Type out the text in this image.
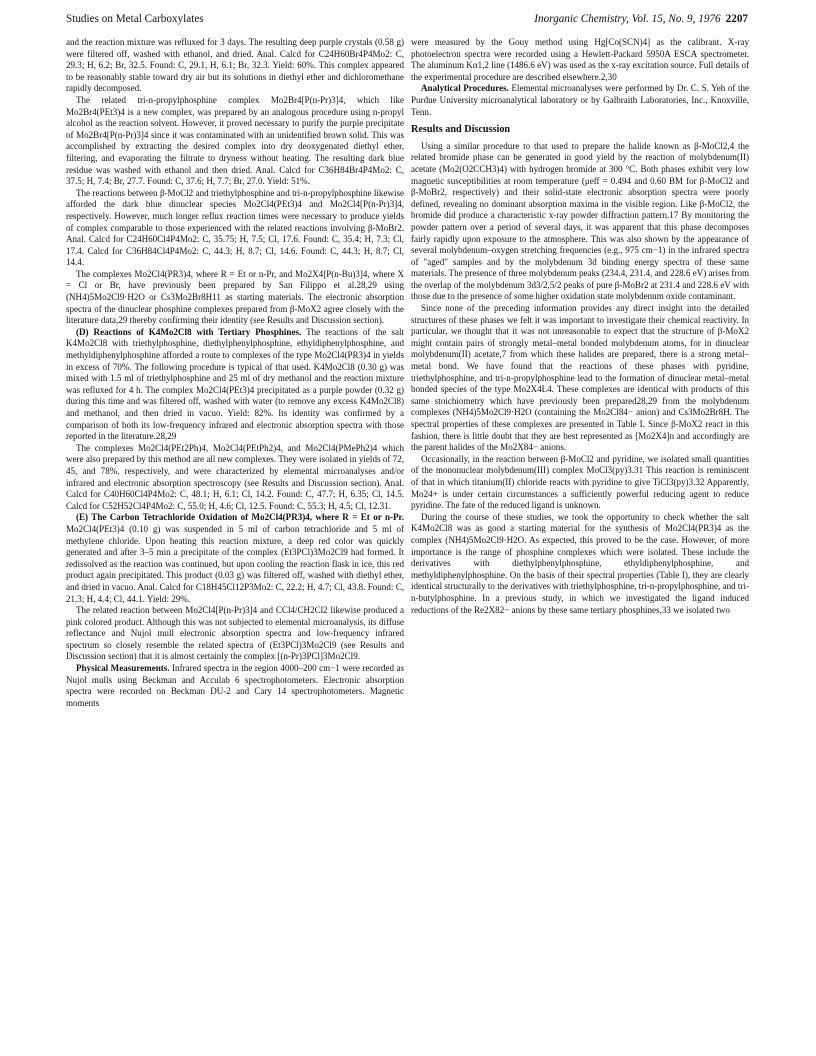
Studies on Metal Carboxylates	Inorganic Chemistry, Vol. 15, No. 9, 1976 2207

and the reaction mixture was refluxed for 3 days. The resulting deep purple crystals (0.58 g) were filtered off, washed with ethanol, and dried. Anal. Calcd for C24H60Br4P4Mo2: C, 29.3; H, 6.2; Br, 32.5. Found: C, 29.1, H, 6.1; Br, 32.3. Yield: 60%. This complex appeared to be reasonably stable toward dry air but its solutions in diethyl ether and dichloromethane rapidly decomposed.

The related tri-n-propylphosphine complex Mo2Br4[P(n-Pr)3]4, which like Mo2Br4(PEt3)4 is a new complex, was prepared by an analogous procedure using n-propyl alcohol as the reaction solvent. However, it proved necessary to purify the purple precipitate of Mo2Br4[P(n-Pr)3]4 since it was contaminated with an unidentified brown solid. This was accomplished by extracting the desired complex into dry deoxygenated diethyl ether, filtering, and evaporating the filtrate to dryness without heating. The resulting dark blue residue was washed with ethanol and then dried. Anal. Calcd for C36H84Br4P4Mo2: C, 37.5; H, 7.4; Br, 27.7. Found: C, 37.6; H, 7.7; Br, 27.0. Yield: 51%.

The reactions between β-MoCl2 and triethylphosphine and tri-n-propylphosphine likewise afforded the dark blue dinuclear species Mo2Cl4(PEt3)4 and Mo2Cl4[P(n-Pr)3]4, respectively. However, much longer reflux reaction times were necessary to produce yields of complex comparable to those experienced with the related reactions involving β-MoBr2. Anal. Calcd for C24H60Cl4P4Mo2: C, 35.75; H, 7.5; Cl, 17.6. Found: C, 35.4; H, 7.3; Cl, 17.4. Calcd for C36H84Cl4P4Mo2: C, 44.3; H, 8.7; Cl, 14.6. Found: C, 44.3; H, 8.7; Cl, 14.4.

The complexes Mo2Cl4(PR3)4, where R = Et or n-Pr, and Mo2X4[P(n-Bu)3]4, where X = Cl or Br, have previously been prepared by San Filippo et al.28,29 using (NH4)5Mo2Cl9·H2O or Cs3Mo2Br8H11 as starting materials. The electronic absorption spectra of the dinuclear phosphine complexes prepared from β-MoX2 agree closely with the literature data,29 thereby confirming their identity (see Results and Discussion section).

(D) Reactions of K4Mo2Cl8 with Tertiary Phosphines. The reactions of the salt K4Mo2Cl8 with triethylphosphine, diethylphenylphosphine, ethyldiphenylphosphine, and methyldiphenylphosphine afforded a route to complexes of the type Mo2Cl4(PR3)4 in yields in excess of 70%. The following procedure is typical of that used. K4Mo2Cl8 (0.30 g) was mixed with 1.5 ml of triethylphosphine and 25 ml of dry methanol and the reaction mixture was refluxed for 4 h. The complex Mo2Cl4(PEt3)4 precipitated as a purple powder (0.32 g) during this time and was filtered off, washed with water (to remove any excess K4Mo2Cl8) and methanol, and then dried in vacuo. Yield: 82%. Its identity was confirmed by a comparison of both its low-frequency infrared and electronic absorption spectra with those reported in the literature.28,29

The complexes Mo2Cl4(PEt2Ph)4, Mo2Cl4(PEtPh2)4, and Mo2Cl4(PMePh2)4 which were also prepared by this method are all new complexes. They were isolated in yields of 72, 45, and 78%, respectively, and were characterized by elemental microanalyses and/or infrared and electronic absorption spectroscopy (see Results and Discussion section). Anal. Calcd for C40H60Cl4P4Mo2: C, 48.1; H, 6.1; Cl, 14.2. Found: C, 47.7; H, 6.35; Cl, 14.5. Calcd for C52H52Cl4P4Mo2: C, 55.0; H, 4.6; Cl, 12.5. Found: C, 55.3; H, 4.5; Cl, 12.31.

(E) The Carbon Tetrachloride Oxidation of Mo2Cl4(PR3)4, where R = Et or n-Pr. Mo2Cl4(PEt3)4 (0.10 g) was suspended in 5 ml of carbon tetrachloride and 5 ml of methylene chloride. Upon heating this reaction mixture, a deep red color was quickly generated and after 3–5 min a precipitate of the complex (Et3PCl)3Mo2Cl9 had formed. It redissolved as the reaction was continued, but upon cooling the reaction flask in ice, this red product again precipitated. This product (0.03 g) was filtered off, washed with diethyl ether, and dried in vacuo. Anal. Calcd for C18H45Cl12P3Mo2: C, 22.2; H, 4.7; Cl, 43.8. Found: C, 21.3; H, 4.4; Cl, 44.1. Yield: 29%.

The related reaction between Mo2Cl4[P(n-Pr)3]4 and CCl4/CH2Cl2 likewise produced a pink colored product. Although this was not subjected to elemental microanalysis, its diffuse reflectance and Nujol mull electronic absorption spectra and low-frequency infrared spectrum so closely resemble the related spectra of (Et3PCl)3Mo2Cl9 (see Results and Discussion section) that it is almost certainly the complex [(n-Pr)3PCl]3Mo2Cl9.

Physical Measurements. Infrared spectra in the region 4000–200 cm−1 were recorded as Nujol mulls using Beckman and Acculab 6 spectrophotometers. Electronic absorption spectra were recorded on Beckman DU-2 and Cary 14 spectrophotometers. Magnetic moments

were measured by the Gouy method using Hg[Co(SCN)4] as the calibrant. X-ray photoelectron spectra were recorded using a Hewlett-Packard 5950A ESCA spectrometer. The aluminum Kα1,2 line (1486.6 eV) was used as the x-ray excitation source. Full details of the experimental procedure are described elsewhere.2,30

Analytical Procedures. Elemental microanalyses were performed by Dr. C. S. Yeh of the Purdue University microanalytical laboratory or by Galbraith Laboratories, Inc., Knoxville, Tenn.

Results and Discussion

Using a similar procedure to that used to prepare the halide known as β-MoCl2,4 the related bromide phase can be generated in good yield by the reaction of molybdenum(II) acetate (Mo2(O2CCH3)4) with hydrogen bromide at 300 °C. Both phases exhibit very low magnetic susceptibilities at room temperature (μeff = 0.494 and 0.60 BM for β-MoCl2 and β-MoBr2, respectively) and their solid-state electronic absorption spectra were poorly defined, revealing no dominant absorption maxima in the visible region. Like β-MoCl2, the bromide did produce a characteristic x-ray powder diffraction pattern.17 By monitoring the powder pattern over a period of several days, it was apparent that this phase decomposes fairly rapidly upon exposure to the atmosphere. This was also shown by the appearance of several molybdenum–oxygen stretching frequencies (e.g., 975 cm−1) in the infrared spectra of "aged" samples and by the molybdenum 3d binding energy spectra of these same materials. The presence of three molybdenum peaks (234.4, 231.4, and 228.6 eV) arises from the overlap of the molybdenum 3d3/2,5/2 peaks of pure β-MoBr2 at 231.4 and 228.6 eV with those due to the presence of some higher oxidation state molybdenum oxide contaminant.

Since none of the preceding information provides any direct insight into the detailed structures of these phases we felt it was important to investigate their chemical reactivity. In particular, we thought that it was not unreasonable to expect that the structure of β-MoX2 might contain pairs of strongly metal–metal bonded molybdenum atoms, for in dinuclear molybdenum(II) acetate,7 from which these halides are prepared, there is a strong metal–metal bond. We have found that the reactions of these phases with pyridine, triethylphosphine, and tri-n-propylphosphine lead to the formation of dinuclear metal–metal bonded species of the type Mo2X4L4. These complexes are identical with products of this same stoichiometry which have previously been prepared28,29 from the molybdenum complexes (NH4)5Mo2Cl9·H2O (containing the Mo2Cl84− anion) and Cs3Mo2Br8H. The spectral properties of these complexes are presented in Table I. Since β-MoX2 react in this fashion, there is little doubt that they are best represented as [Mo2X4]n and accordingly are the parent halides of the Mo2X84− anions.

Occasionally, in the reaction between β-MoCl2 and pyridine, we isolated small quantities of the mononuclear molybdenum(III) complex MoCl3(py)3.31 This reaction is reminiscent of that in which titanium(II) chloride reacts with pyridine to give TiCl3(py)3.32 Apparently, Mo24+ is under certain circumstances a sufficiently powerful reducing agent to reduce pyridine. The fate of the reduced ligand is unknown.

During the course of these studies, we took the opportunity to check whether the salt K4Mo2Cl8 was as good a starting material for the synthesis of Mo2Cl4(PR3)4 as the complex (NH4)5Mo2Cl9·H2O. As expected, this proved to be the case. However, of more importance is the range of phosphine complexes which were isolated. These include the derivatives with diethylphenylphosphine, ethyldiphenylphosphine, and methyldiphenylphosphine. On the basis of their spectral properties (Table I), they are clearly identical structurally to the derivatives with triethylphosphine, tri-n-propylphosphine, and tri-n-butylphosphine. In a previous study, in which we investigated the ligand induced reductions of the Re2X82− anions by these same tertiary phosphines,33 we isolated two
